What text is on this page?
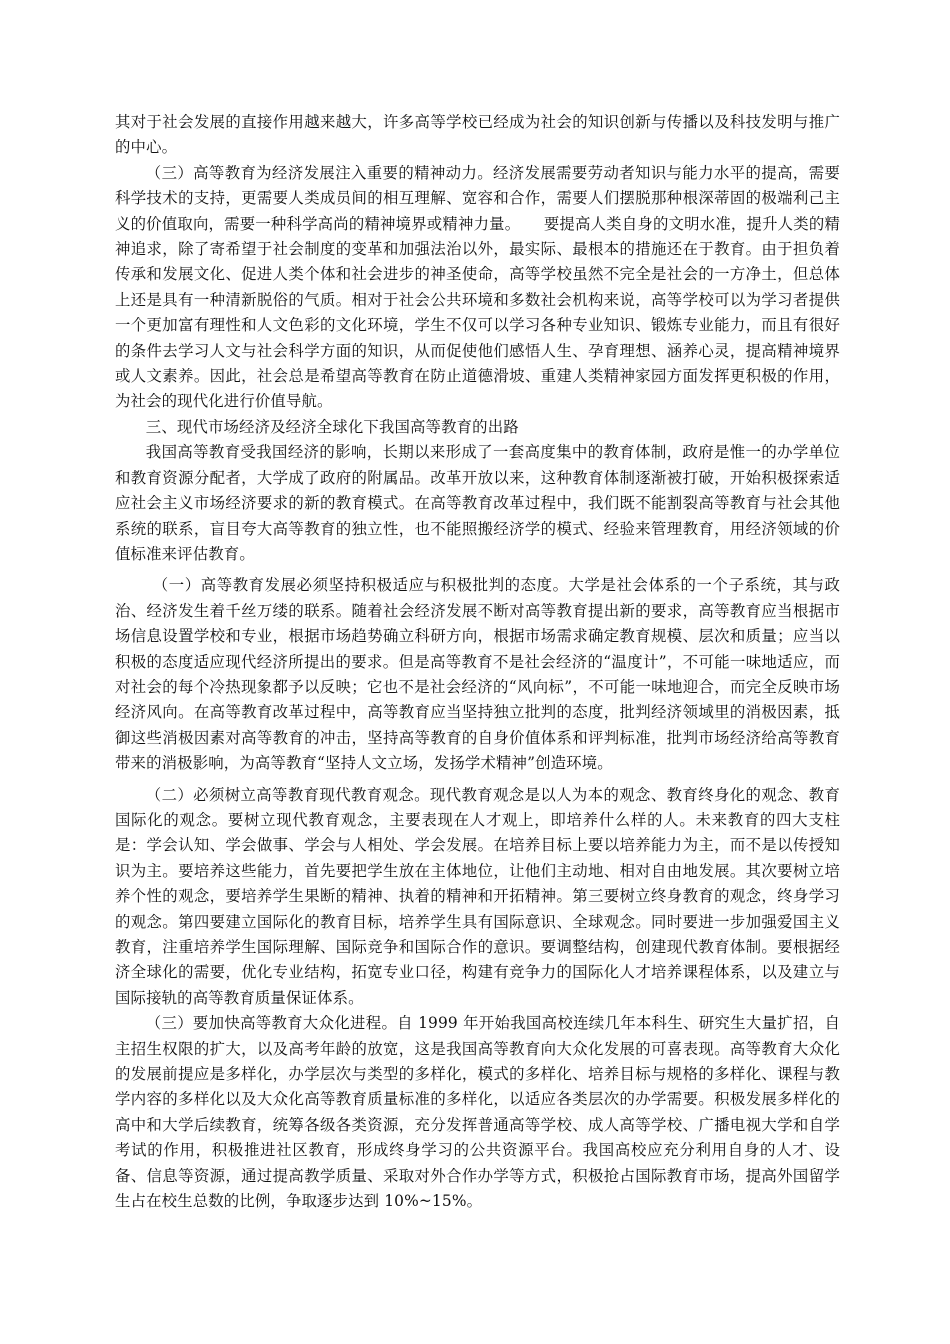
其对于社会发展的直接作用越来越大，许多高等学校已经成为社会的知识创新与传播以及科技发明与推广的中心。

（三）高等教育为经济发展注入重要的精神动力。经济发展需要劳动者知识与能力水平的提高，需要科学技术的支持，更需要人类成员间的相互理解、宽容和合作，需要人们摆脱那种根深蒂固的极端利己主义的价值取向，需要一种科学高尚的精神境界或精神力量。　　要提高人类自身的文明水准，提升人类的精神追求，除了寄希望于社会制度的变革和加强法治以外，最实际、最根本的措施还在于教育。由于担负着传承和发展文化、促进人类个体和社会进步的神圣使命，高等学校虽然不完全是社会的一方净土，但总体上还是具有一种清新脱俗的气质。相对于社会公共环境和多数社会机构来说，高等学校可以为学习者提供一个更加富有理性和人文色彩的文化环境，学生不仅可以学习各种专业知识、锻炼专业能力，而且有很好的条件去学习人文与社会科学方面的知识，从而促使他们感悟人生、孕育理想、涵养心灵，提高精神境界或人文素养。因此，社会总是希望高等教育在防止道德滑坡、重建人类精神家园方面发挥更积极的作用，为社会的现代化进行价值导航。

三、现代市场经济及经济全球化下我国高等教育的出路

我国高等教育受我国经济的影响，长期以来形成了一套高度集中的教育体制，政府是惟一的办学单位和教育资源分配者，大学成了政府的附属品。改革开放以来，这种教育体制逐渐被打破，开始积极探索适应社会主义市场经济要求的新的教育模式。在高等教育改革过程中，我们既不能割裂高等教育与社会其他系统的联系，盲目夸大高等教育的独立性，也不能照搬经济学的模式、经验来管理教育，用经济领域的价值标准来评估教育。

（一）高等教育发展必须坚持积极适应与积极批判的态度。大学是社会体系的一个子系统，其与政治、经济发生着千丝万缕的联系。随着社会经济发展不断对高等教育提出新的要求，高等教育应当根据市场信息设置学校和专业，根据市场趋势确立科研方向，根据市场需求确定教育规模、层次和质量；应当以积极的态度适应现代经济所提出的要求。但是高等教育不是社会经济的“温度计”，不可能一味地适应，而对社会的每个冷热现象都予以反映；它也不是社会经济的“风向标”，不可能一味地迎合，而完全反映市场经济风向。在高等教育改革过程中，高等教育应当坚持独立批判的态度，批判经济领域里的消极因素，抵御这些消极因素对高等教育的冲击，坚持高等教育的自身价值体系和评判标准，批判市场经济给高等教育带来的消极影响，为高等教育“坚持人文立场，发扬学术精神”创造环境。

（二）必须树立高等教育现代教育观念。现代教育观念是以人为本的观念、教育终身化的观念、教育国际化的观念。要树立现代教育观念，主要表现在人才观上，即培养什么样的人。未来教育的四大支柱是：学会认知、学会做事、学会与人相处、学会发展。在培养目标上要以培养能力为主，而不是以传授知识为主。要培养这些能力，首先要把学生放在主体地位，让他们主动地、相对自由地发展。其次要树立培养个性的观念，要培养学生果断的精神、执着的精神和开拓精神。第三要树立终身教育的观念，终身学习的观念。第四要建立国际化的教育目标，培养学生具有国际意识、全球观念。同时要进一步加强爱国主义教育，注重培养学生国际理解、国际竞争和国际合作的意识。要调整结构，创建现代教育体制。要根据经济全球化的需要，优化专业结构，拓宽专业口径，构建有竞争力的国际化人才培养课程体系，以及建立与国际接轨的高等教育质量保证体系。

（三）要加快高等教育大众化进程。自 1999 年开始我国高校连续几年本科生、研究生大量扩招，自主招生权限的扩大，以及高考年龄的放宽，这是我国高等教育向大众化发展的可喜表现。高等教育大众化的发展前提应是多样化，办学层次与类型的多样化，模式的多样化、培养目标与规格的多样化、课程与教学内容的多样化以及大众化高等教育质量标准的多样化，以适应各类层次的办学需要。积极发展多样化的高中和大学后续教育，统筹各级各类资源，充分发挥普通高等学校、成人高等学校、广播电视大学和自学考试的作用，积极推进社区教育，形成终身学习的公共资源平台。我国高校应充分利用自身的人才、设备、信息等资源，通过提高教学质量、采取对外合作办学等方式，积极抢占国际教育市场，提高外国留学生占在校生总数的比例，争取逐步达到 10%~15%。
